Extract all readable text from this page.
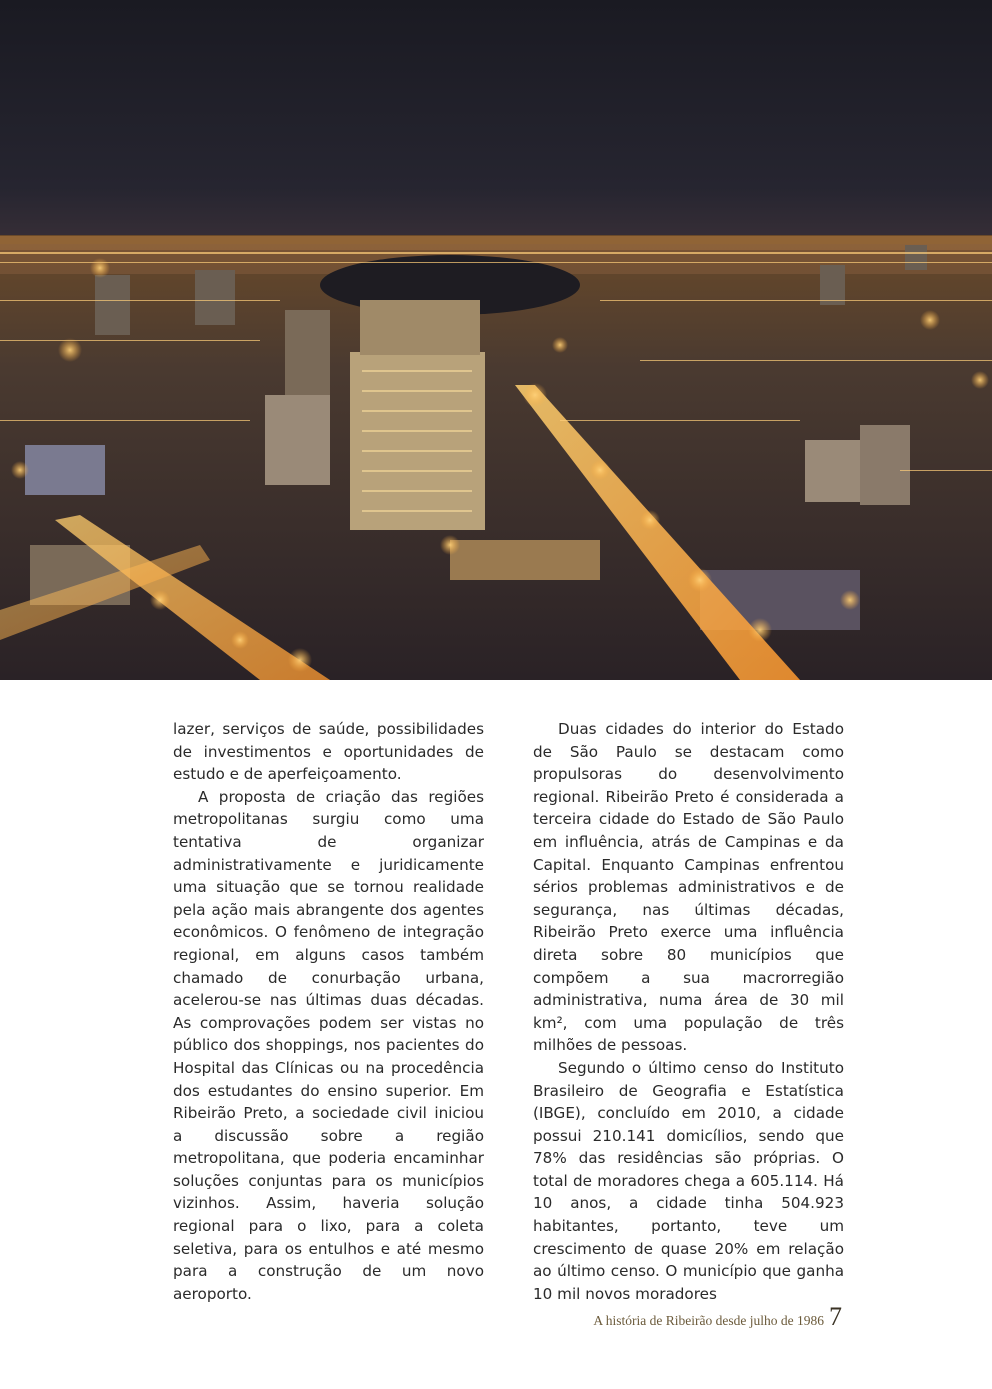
lazer, serviços de saúde, possibilidades de investimentos e oportunidades de estudo e de aperfeiçoamento.

A proposta de criação das regiões metropolitanas surgiu como uma tentativa de organizar administrativamente e juridicamente uma situação que se tornou realidade pela ação mais abrangente dos agentes econômicos. O fenômeno de integração regional, em alguns casos também chamado de conurbação urbana, acelerou-se nas últimas duas décadas. As comprovações podem ser vistas no público dos shoppings, nos pacientes do Hospital das Clínicas ou na procedência dos estudantes do ensino superior. Em Ribeirão Preto, a sociedade civil iniciou a discussão sobre a região metropolitana, que poderia encaminhar soluções conjuntas para os municípios vizinhos. Assim, haveria solução regional para o lixo, para a coleta seletiva, para os entulhos e até mesmo para a construção de um novo aeroporto.

Duas cidades do interior do Estado de São Paulo se destacam como propulsoras do desenvolvimento regional. Ribeirão Preto é considerada a terceira cidade do Estado de São Paulo em influência, atrás de Campinas e da Capital. Enquanto Campinas enfrentou sérios problemas administrativos e de segurança, nas últimas décadas, Ribeirão Preto exerce uma influência direta sobre 80 municípios que compõem a sua macrorregião administrativa, numa área de 30 mil km², com uma população de três milhões de pessoas.

Segundo o último censo do Instituto Brasileiro de Geografia e Estatística (IBGE), concluído em 2010, a cidade possui 210.141 domicílios, sendo que 78% das residências são próprias. O total de moradores chega a 605.114. Há 10 anos, a cidade tinha 504.923 habitantes, portanto, teve um crescimento de quase 20% em relação ao último censo. O município que ganha 10 mil novos moradores

A história de Ribeirão desde julho de 1986 7
